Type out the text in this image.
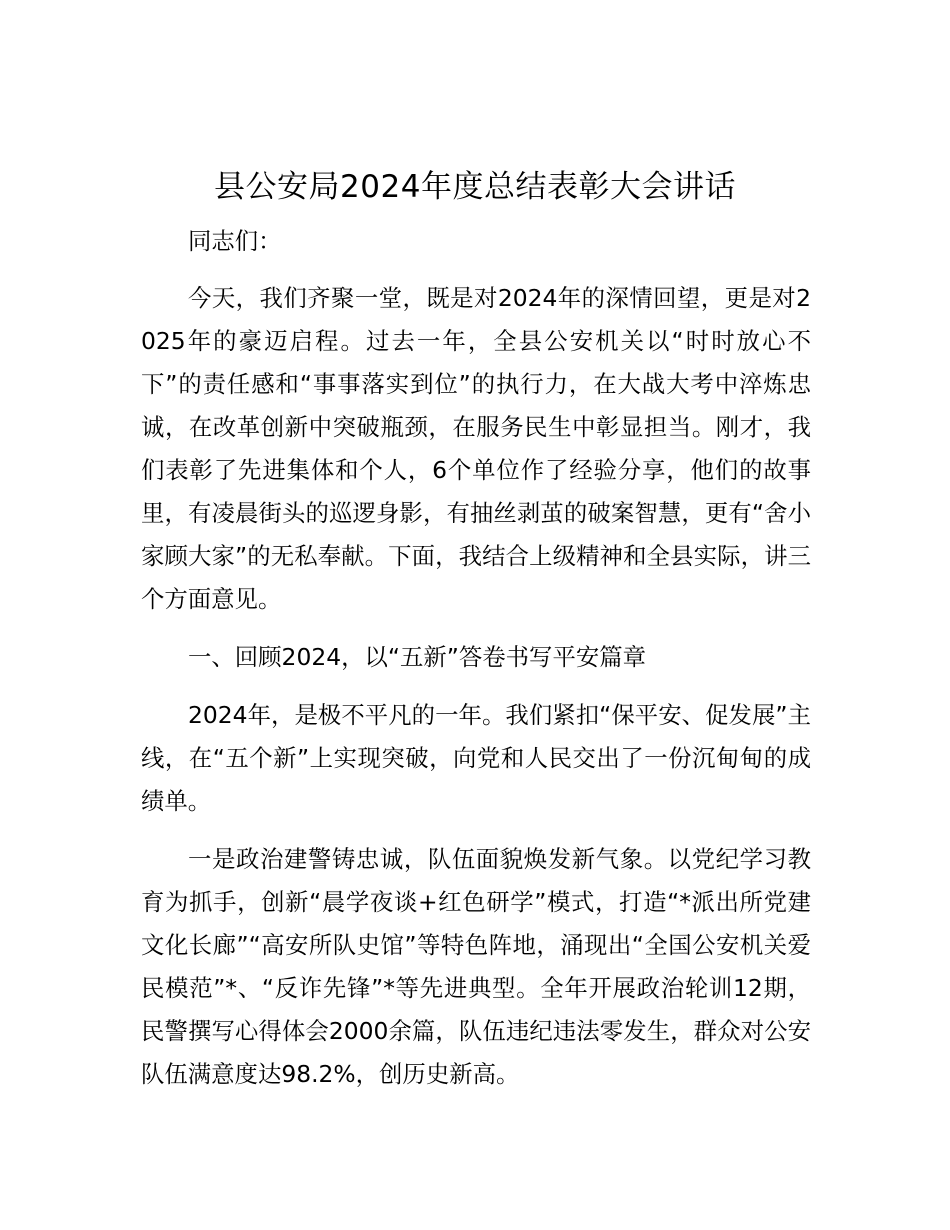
县公安局2024年度总结表彰大会讲话

同志们：

今天，我们齐聚一堂，既是对2024年的深情回望，更是对2025年的豪迈启程。过去一年，全县公安机关以“时时放心不下”的责任感和“事事落实到位”的执行力，在大战大考中淬炼忠诚，在改革创新中突破瓶颈，在服务民生中彰显担当。刚才，我们表彰了先进集体和个人，6个单位作了经验分享，他们的故事里，有凌晨街头的巡逻身影，有抽丝剥茧的破案智慧，更有“舍小家顾大家”的无私奉献。下面，我结合上级精神和全县实际，讲三个方面意见。

一、回顾2024，以“五新”答卷书写平安篇章

2024年，是极不平凡的一年。我们紧扣“保平安、促发展”主线，在“五个新”上实现突破，向党和人民交出了一份沉甸甸的成绩单。

一是政治建警铸忠诚，队伍面貌焕发新气象。以党纪学习教育为抓手，创新“晨学夜谈+红色研学”模式，打造“*派出所党建文化长廊”“高安所队史馆”等特色阵地，涌现出“全国公安机关爱民模范”*、“反诈先锋”*等先进典型。全年开展政治轮训12期，民警撰写心得体会2000余篇，队伍违纪违法零发生，群众对公安队伍满意度达98.2%，创历史新高。
